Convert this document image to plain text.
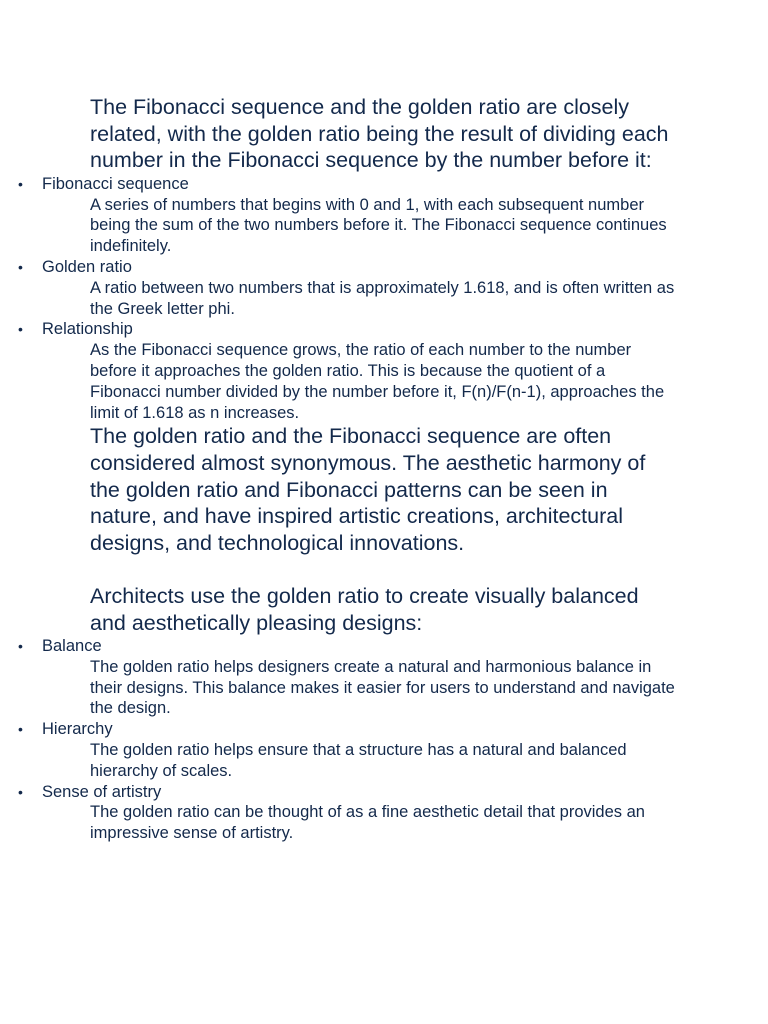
The Fibonacci sequence and the golden ratio are closely related, with the golden ratio being the result of dividing each number in the Fibonacci sequence by the number before it:

• Fibonacci sequence
A series of numbers that begins with 0 and 1, with each subsequent number being the sum of the two numbers before it. The Fibonacci sequence continues indefinitely.
• Golden ratio
A ratio between two numbers that is approximately 1.618, and is often written as the Greek letter phi.
• Relationship
As the Fibonacci sequence grows, the ratio of each number to the number before it approaches the golden ratio. This is because the quotient of a Fibonacci number divided by the number before it, F(n)/F(n-1), approaches the limit of 1.618 as n increases.

The golden ratio and the Fibonacci sequence are often considered almost synonymous. The aesthetic harmony of the golden ratio and Fibonacci patterns can be seen in nature, and have inspired artistic creations, architectural designs, and technological innovations.

Architects use the golden ratio to create visually balanced and aesthetically pleasing designs:

• Balance
The golden ratio helps designers create a natural and harmonious balance in their designs. This balance makes it easier for users to understand and navigate the design.
• Hierarchy
The golden ratio helps ensure that a structure has a natural and balanced hierarchy of scales.
• Sense of artistry
The golden ratio can be thought of as a fine aesthetic detail that provides an impressive sense of artistry.
